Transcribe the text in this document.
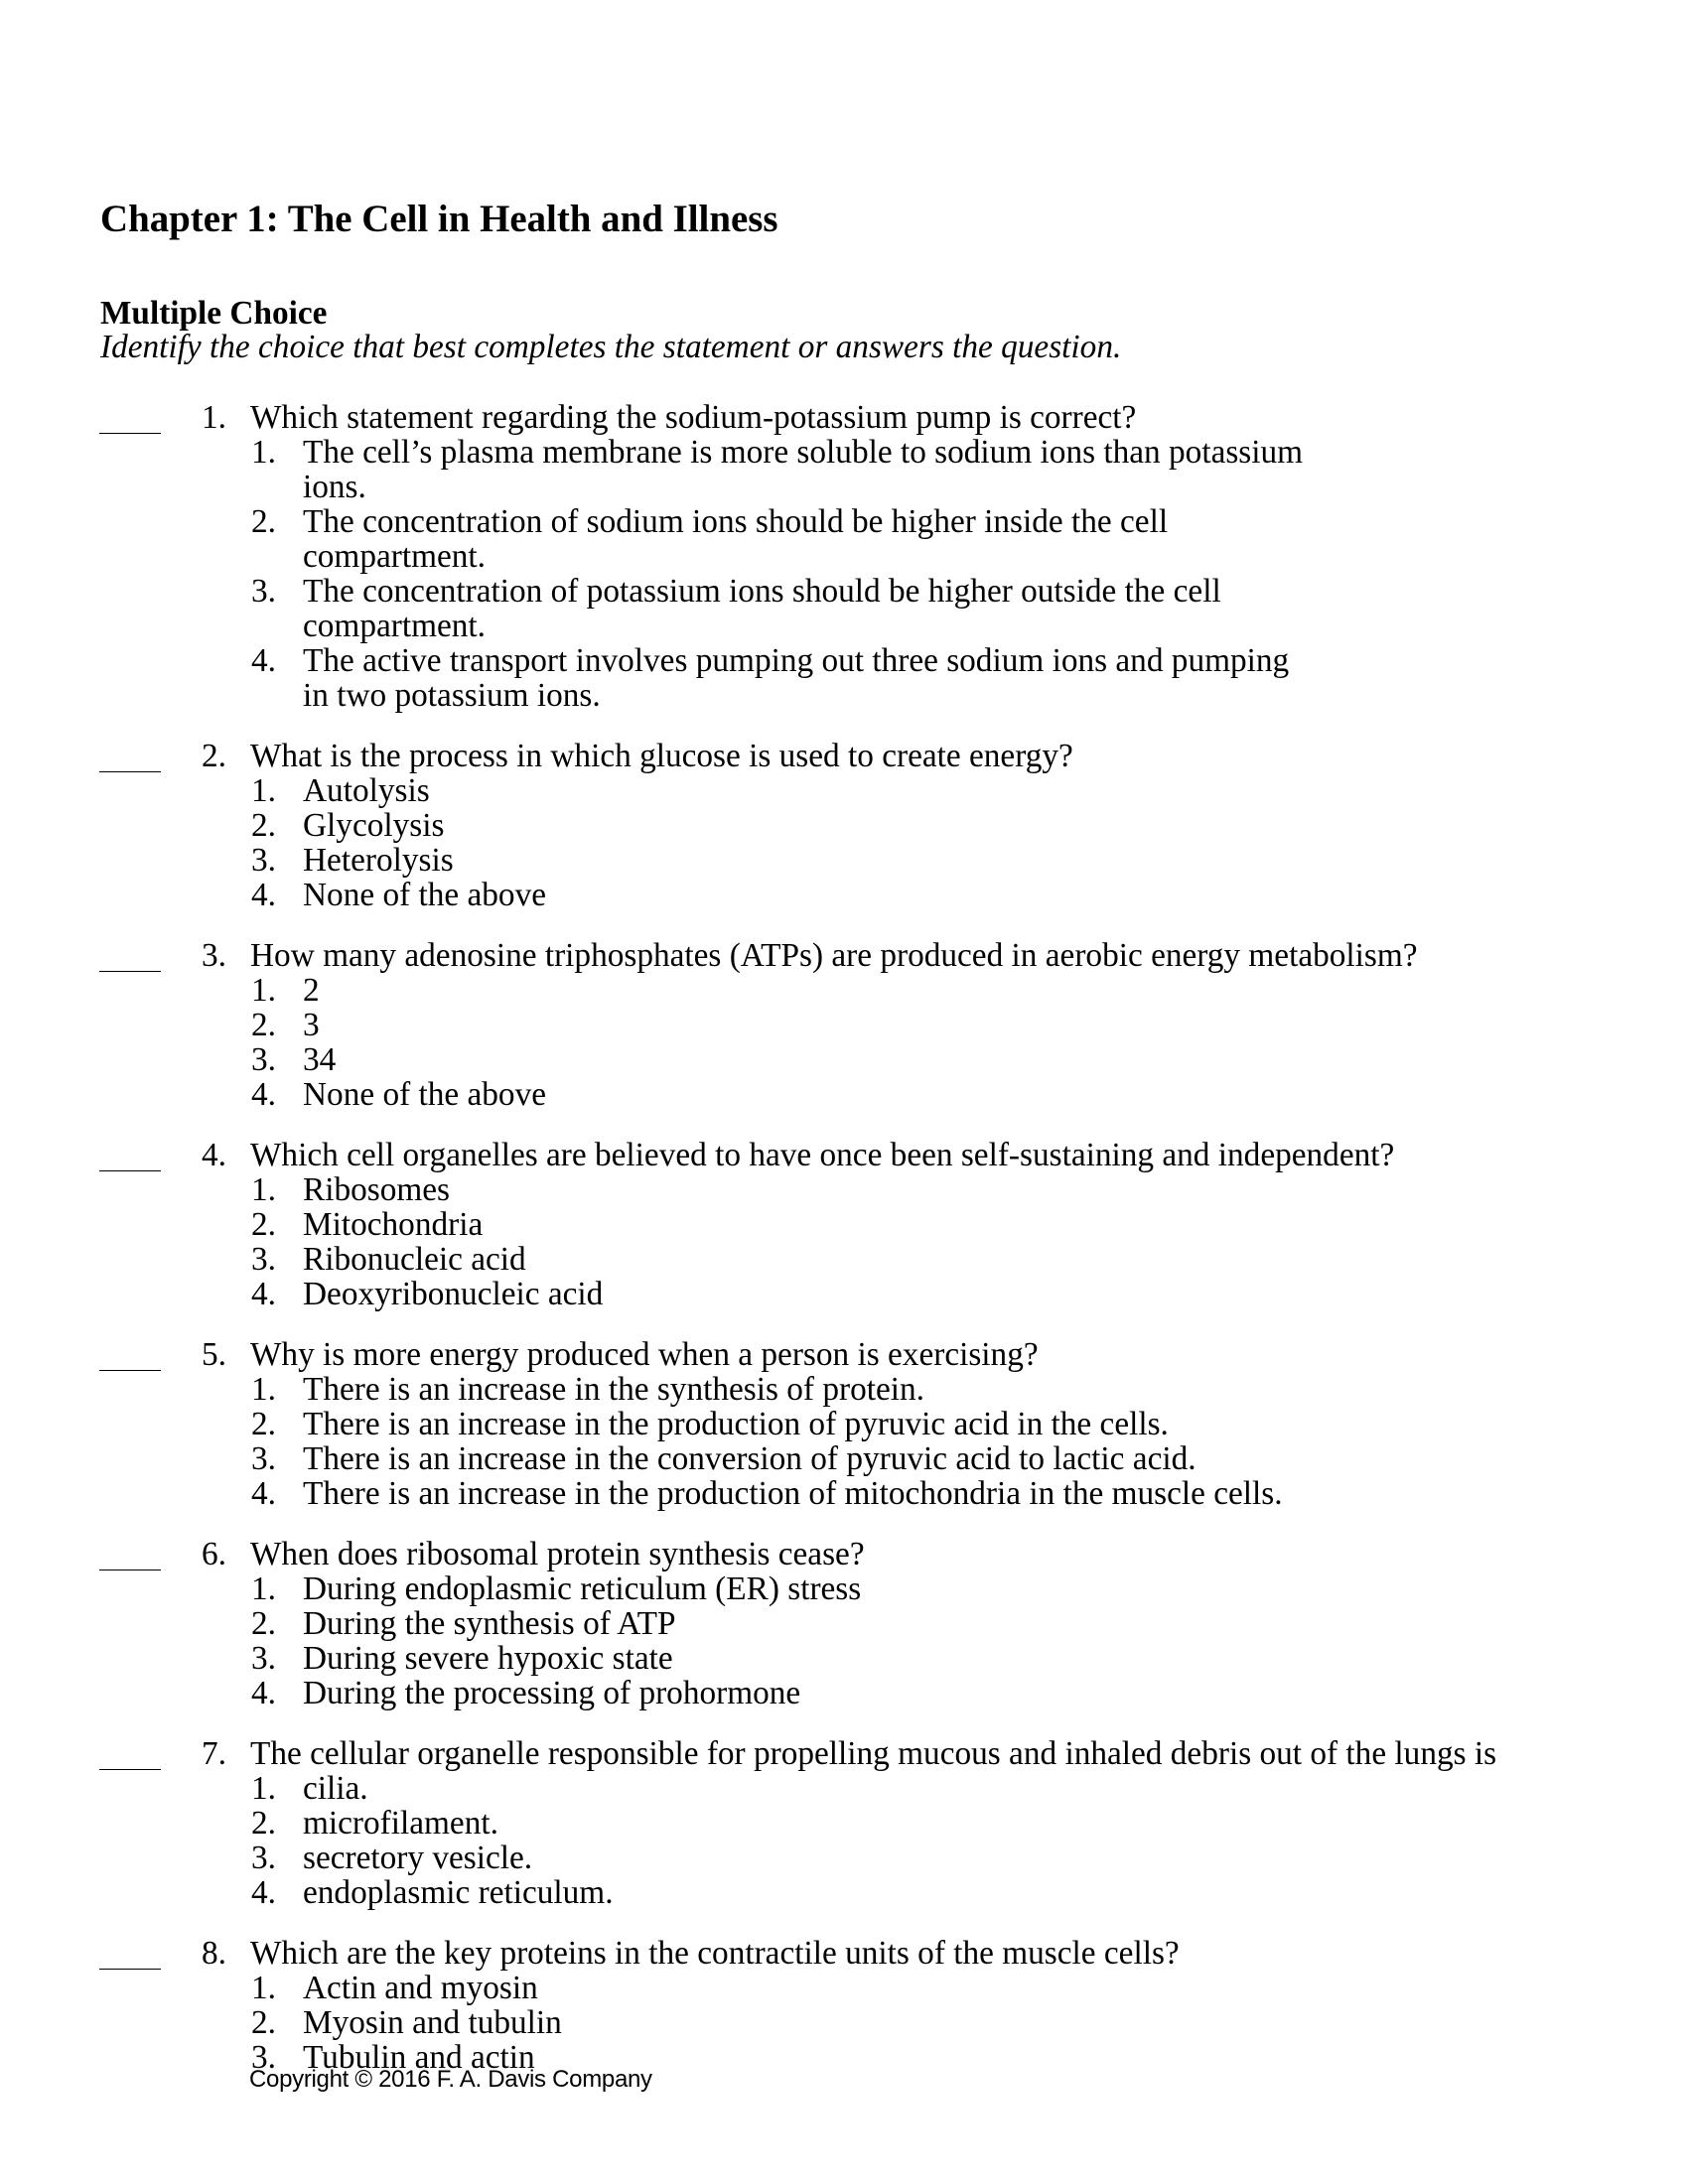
Chapter 1: The Cell in Health and Illness
Multiple Choice

Identify the choice that best completes the statement or answers the question.

1. Which statement regarding the sodium-potassium pump is correct?
1. The cell’s plasma membrane is more soluble to sodium ions than potassium ions.
2. The concentration of sodium ions should be higher inside the cell compartment.
3. The concentration of potassium ions should be higher outside the cell compartment.
4. The active transport involves pumping out three sodium ions and pumping in two potassium ions.
2. What is the process in which glucose is used to create energy?
1. Autolysis
2. Glycolysis
3. Heterolysis
4. None of the above
3. How many adenosine triphosphates (ATPs) are produced in aerobic energy metabolism?
1. 2
2. 3
3. 34
4. None of the above
4. Which cell organelles are believed to have once been self-sustaining and independent?
1. Ribosomes
2. Mitochondria
3. Ribonucleic acid
4. Deoxyribonucleic acid
5. Why is more energy produced when a person is exercising?
1. There is an increase in the synthesis of protein.
2. There is an increase in the production of pyruvic acid in the cells.
3. There is an increase in the conversion of pyruvic acid to lactic acid.
4. There is an increase in the production of mitochondria in the muscle cells.
6. When does ribosomal protein synthesis cease?
1. During endoplasmic reticulum (ER) stress
2. During the synthesis of ATP
3. During severe hypoxic state
4. During the processing of prohormone
7. The cellular organelle responsible for propelling mucous and inhaled debris out of the lungs is
1. cilia.
2. microfilament.
3. secretory vesicle.
4. endoplasmic reticulum.
8. Which are the key proteins in the contractile units of the muscle cells?
1. Actin and myosin
2. Myosin and tubulin
3. Tubulin and actin
Copyright © 2016 F. A. Davis Company
